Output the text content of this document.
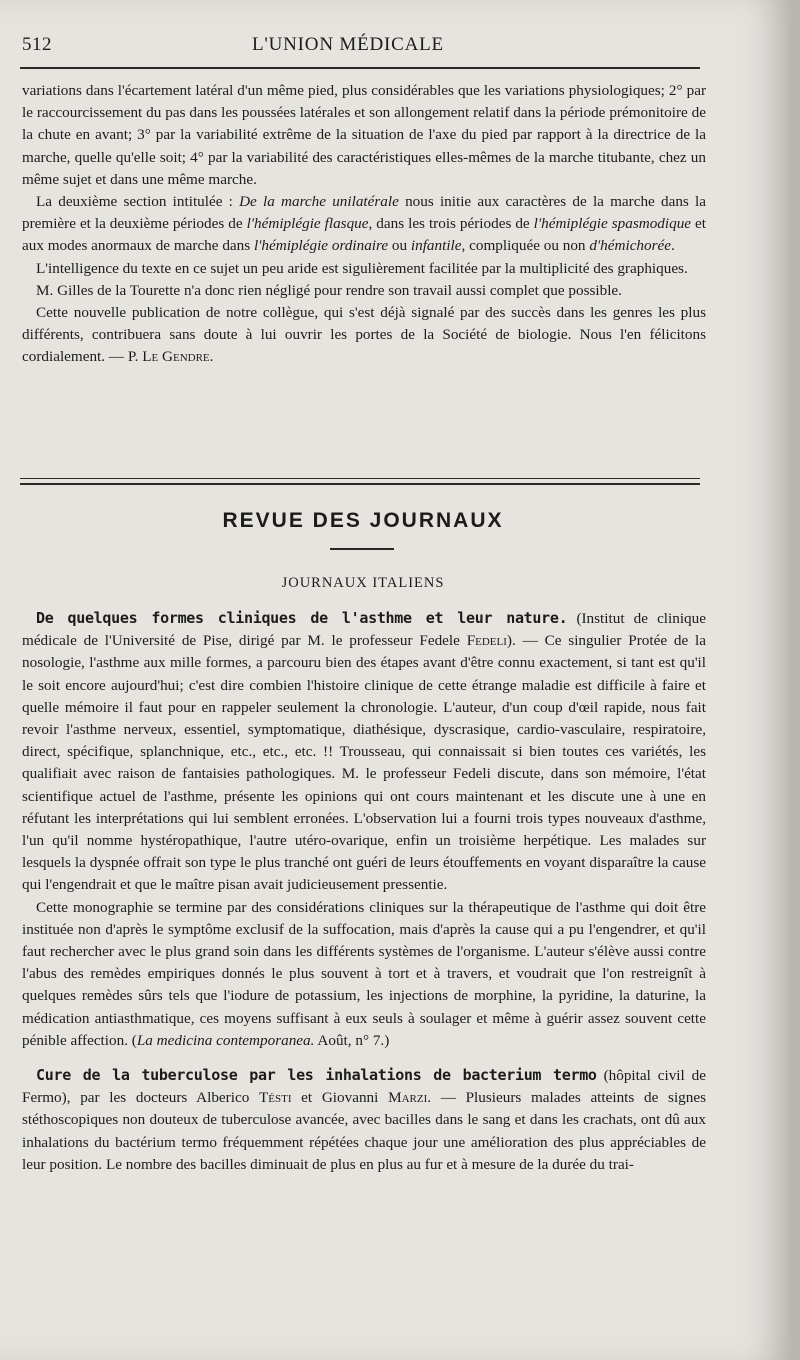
512	L'UNION MÉDICALE

variations dans l'écartement latéral d'un même pied, plus considérables que les variations physiologiques; 2° par le raccourcissement du pas dans les poussées latérales et son allongement relatif dans la période prémonitoire de la chute en avant; 3° par la variabilité extrême de la situation de l'axe du pied par rapport à la directrice de la marche, quelle qu'elle soit; 4° par la variabilité des caractéristiques elles-mêmes de la marche titubante, chez un même sujet et dans une même marche.

La deuxième section intitulée : De la marche unilatérale nous initie aux caractères de la marche dans la première et la deuxième périodes de l'hémiplégie flasque, dans les trois périodes de l'hémiplégie spasmodique et aux modes anormaux de marche dans l'hémiplégie ordinaire ou infantile, compliquée ou non d'hémichorée.

L'intelligence du texte en ce sujet un peu aride est sigulièrement facilitée par la multiplicité des graphiques.

M. Gilles de la Tourette n'a donc rien négligé pour rendre son travail aussi complet que possible.

Cette nouvelle publication de notre collègue, qui s'est déjà signalé par des succès dans les genres les plus différents, contribuera sans doute à lui ouvrir les portes de la Société de biologie. Nous l'en félicitons cordialement. — P. Le Gendre.

REVUE DES JOURNAUX
JOURNAUX ITALIENS

De quelques formes cliniques de l'asthme et leur nature. (Institut de clinique médicale de l'Université de Pise, dirigé par M. le professeur Fedele Fedeli). — Ce singulier Protée de la nosologie, l'asthme aux mille formes, a parcouru bien des étapes avant d'être connu exactement, si tant est qu'il le soit encore aujourd'hui; c'est dire combien l'histoire clinique de cette étrange maladie est difficile à faire et quelle mémoire il faut pour en rappeler seulement la chronologie. L'auteur, d'un coup d'œil rapide, nous fait revoir l'asthme nerveux, essentiel, symptomatique, diathésique, dyscrasique, cardio-vasculaire, respiratoire, direct, spécifique, splanchnique, etc., etc., etc. !! Trousseau, qui connaissait si bien toutes ces variétés, les qualifiait avec raison de fantaisies pathologiques. M. le professeur Fedeli discute, dans son mémoire, l'état scientifique actuel de l'asthme, présente les opinions qui ont cours maintenant et les discute une à une en réfutant les interprétations qui lui semblent erronées. L'observation lui a fourni trois types nouveaux d'asthme, l'un qu'il nomme hystéropathique, l'autre utéro-ovarique, enfin un troisième herpétique. Les malades sur lesquels la dyspnée offrait son type le plus tranché ont guéri de leurs étouffements en voyant disparaître la cause qui l'engendrait et que le maître pisan avait judicieusement pressentie.

Cette monographie se termine par des considérations cliniques sur la thérapeutique de l'asthme qui doit être instituée non d'après le symptôme exclusif de la suffocation, mais d'après la cause qui a pu l'engendrer, et qu'il faut rechercher avec le plus grand soin dans les différents systèmes de l'organisme. L'auteur s'élève aussi contre l'abus des remèdes empiriques donnés le plus souvent à tort et à travers, et voudrait que l'on restreignît à quelques remèdes sûrs tels que l'iodure de potassium, les injections de morphine, la pyridine, la daturine, la médication antiasthmatique, ces moyens suffisant à eux seuls à soulager et même à guérir assez souvent cette pénible affection. (La medicina contemporanea. Août, n° 7.)

Cure de la tuberculose par les inhalations de bacterium termo (hôpital civil de Fermo), par les docteurs Alberico Tésti et Giovanni Marzi. — Plusieurs malades atteints de signes stéthoscopiques non douteux de tuberculose avancée, avec bacilles dans le sang et dans les crachats, ont dû aux inhalations du bactérium termo fréquemment répétées chaque jour une amélioration des plus appréciables de leur position. Le nombre des bacilles diminuait de plus en plus au fur et à mesure de la durée du trai-
